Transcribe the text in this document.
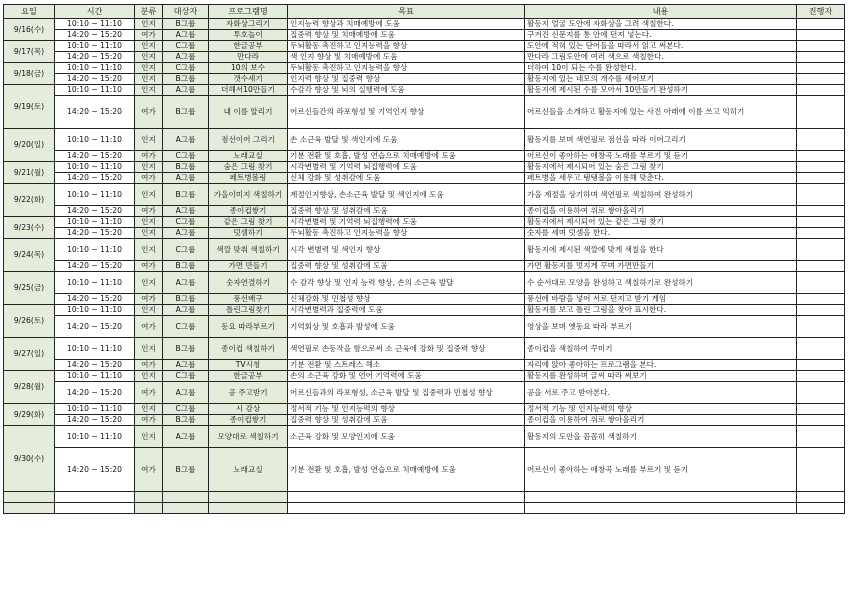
요일	시간	분류	대상자	프로그램명	목표	내용	진행자
9/16(수)	10:10 ~ 11:10	인지	B그룹	자화상그리기	인지능력 향상과 치매예방에 도움	활동지 얼굴 도안에 자화상을 그려 색칠한다.	
	14:20 ~ 15:20	여가	A그룹	투호놀이	집중력 향상 및 치매예방에 도움	구겨진 신문지를 통 안에 던져 넣는다.	
9/17(목)	10:10 ~ 11:10	인지	C그룹	한글공부	두뇌활동 촉진하고 인지능력을 향상	도안에 적혀 있는 단어들을 따라서 읽고 써본다.	
	14:20 ~ 15:20	인지	A그룹	만다라	색 인지 향상 및 치매예방에 도움	만다라 그림도안에 여러 색으로 색칠한다.	
9/18(금)	10:10 ~ 11:10	인지	C그룹	10의 보수	두뇌활동 촉진하고 인지능력을 향상	더하여 10이 되는 수를 완성한다.	
	14:20 ~ 15:20	인지	B그룹	갯수세기	인지력 향상 및 집중력 향상	활동지에 있는 네모의 개수를 세어보기	
9/19(토)	10:10 ~ 11:10	인지	A그룹	더해서10만들기	수감각 향상 및 뇌의 실행력에 도움	활동지에 제시된 수를 모아서 10만들기 완성하기	
	14:20 ~ 15:20	여가	B그룹	내 이름 알리기	어르신들간의 라포형성 및 기억인지 향상	어르신들을 소개하고 활동지에 있는 사진 아래에 이름 쓰고 익히기	
9/20(일)	10:10 ~ 11:10	인지	A그룹	점선이어 그리기	손 소근육 발달 및 색인지에 도움	활동지를 보며 색연필로 점선을 따라 이어그리기	
	14:20 ~ 15:20	여가	C그룹	노래교실	기분 전환 및 호흡, 발성 연습으로 치매예방에 도움	어르신이 좋아하는 애창곡 노래를 부르기 및 듣기	
9/21(월)	10:10 ~ 11:10	인지	B그룹	숨은 그림 찾기	시각변별력 및 기억력 뇌집행력에 도움	활동지에서 제시되어 있는 숨은 그림 찾기	
	14:20 ~ 15:20	여가	A그룹	페트병볼링	신체 강화 및 성취감에 도움	페트병을 세우고 탱탱볼을 이용해 맞춘다.	
9/22(화)	10:10 ~ 11:10	인지	B그룹	가을이미지 색칠하기	계절인지향상, 손소근육 발달 및 색인지에 도움	가을 계절을 상기하며 색연필로 색칠하여 완성하기	
	14:20 ~ 15:20	여가	A그룹	종이컵쌓기	집중력 향상 및 성취감에 도움	종이컵을 이용하여 위로 쌓아올리기	
9/23(수)	10:10 ~ 11:10	인지	C그룹	같은 그림 찾기	시각변별력 및 기억력 뇌집행력에 도움	활동지에서 제시되어 있는 같은 그림 찾기	
	14:20 ~ 15:20	인지	A그룹	덧셈하기	두뇌활동 촉진하고 인지능력을 향상	숫자를 세며 덧셈을 한다.	
9/24(목)	10:10 ~ 11:10	인지	C그룹	색깔 맞춰 색칠하기	시각 변별력 및 색인지 향상	활동지에 제시된 색깔에 맞게 색칠을 한다	
	14:20 ~ 15:20	여가	B그룹	가면 만들기	집중력 향상 및 성취감에 도움	가면 활동지를 멋지게 꾸며 가면만들기	
9/25(금)	10:10 ~ 11:10	인지	A그룹	숫자연결하기	수 감각 향상 및 인지 능력 향상, 손의 소근육 발달	수 순서대로 모양을 완성하고 색칠하기로 완성하기	
	14:20 ~ 15:20	여가	B그룹	풍선배구	신체강화 및 민첩성 향상	풍선에 바람을 넣어 서로 던지고 받기 게임	
9/26(토)	10:10 ~ 11:10	인지	A그룹	틀린그림찾기	시각변별력과 집중력에 도움	활동지를 보고 틀린 그림을 찾아 표시한다.	
	14:20 ~ 15:20	여가	C그룹	동요 따라부르기	기억회상 및 호흡과 발성에 도움	영상을 보며 옛동요 따라 부르기	
9/27(일)	10:10 ~ 11:10	인지	B그룹	종이컵 색칠하기	색연필로 손동작을 함으로써 소 근육에 강화 및 집중력 향상	종이컵을 색칠하여 꾸미기	
	14:20 ~ 15:20	여가	A그룹	TV시청	기분 전환 및 스트레스 해소	자리에 앉아 좋아하는 프로그램을 본다.	
9/28(월)	10:10 ~ 11:10	인지	C그룹	한글공부	손의 소근육 강화 및 언어 기억력에 도움	활동지를 완성하며 글씨 따라 써보기	
	14:20 ~ 15:20	여가	A그룹	공 주고받기	어르신들과의 라포형성, 소근육 발달 및 집중력과 민첩성 향상	공을 서로 주고 받아본다.	
9/29(화)	10:10 ~ 11:10	인지	C그룹	시 감상	정서적 기능 및 인지능력의 향상	정서적 기능 및 인지능력의 향상	
	14:20 ~ 15:20	여가	B그룹	종이컵쌓기	집중력 향상 및 성취감에 도움	종이컵을 이용하여 위로 쌓아올리기	
9/30(수)	10:10 ~ 11:10	인지	A그룹	모양대로 색칠하기	소근육 강화 및 모양인지에 도움	활동지의 도안을 꼼꼼히 색칠하기	
	14:20 ~ 15:20	여가	B그룹	노래교실	기분 전환 및 호흡, 발성 연습으로 치매예방에 도움	어르신이 좋아하는 애창곡 노래를 부르기 및 듣기	
